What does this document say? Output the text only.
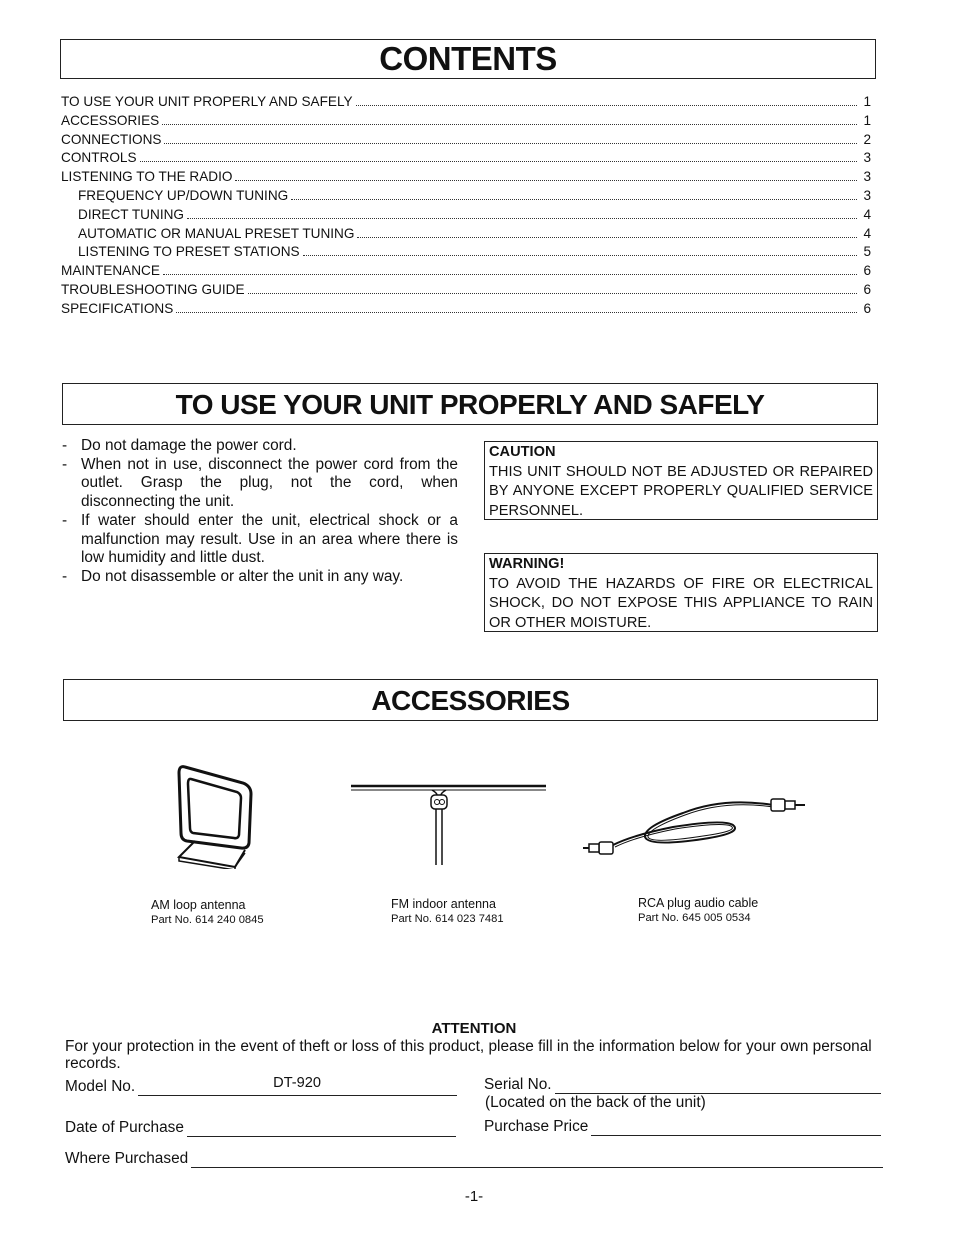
CONTENTS
TO USE YOUR UNIT PROPERLY AND SAFELY	1
ACCESSORIES	1
CONNECTIONS	2
CONTROLS	3
LISTENING TO THE RADIO	3
FREQUENCY UP/DOWN TUNING	3
DIRECT TUNING	4
AUTOMATIC OR MANUAL PRESET TUNING	4
LISTENING TO PRESET STATIONS	5
MAINTENANCE	6
TROUBLESHOOTING GUIDE	6
SPECIFICATIONS	6
TO USE YOUR UNIT PROPERLY AND SAFELY
- Do not damage the power cord.
- When not in use, disconnect the power cord from the outlet. Grasp the plug, not the cord, when disconnecting the unit.
- If water should enter the unit, electrical shock or a malfunction may result. Use in an area where there is low humidity and little dust.
- Do not disassemble or alter the unit in any way.
CAUTION
THIS UNIT SHOULD NOT BE ADJUSTED OR REPAIRED BY ANYONE EXCEPT PROPERLY QUALIFIED SERVICE PERSONNEL.
WARNING!
TO AVOID THE HAZARDS OF FIRE OR ELECTRICAL SHOCK, DO NOT EXPOSE THIS APPLIANCE TO RAIN OR OTHER MOISTURE.
ACCESSORIES
AM loop antenna
Part No. 614 240 0845
FM indoor antenna
Part No. 614 023 7481
RCA plug audio cable
Part No. 645 005 0534
ATTENTION
For your protection in the event of theft or loss of this product, please fill in the information below for your own personal records.
Model No.	DT-920	Serial No.
(Located on the back of the unit)
Date of Purchase	Purchase Price
Where Purchased
-1-
